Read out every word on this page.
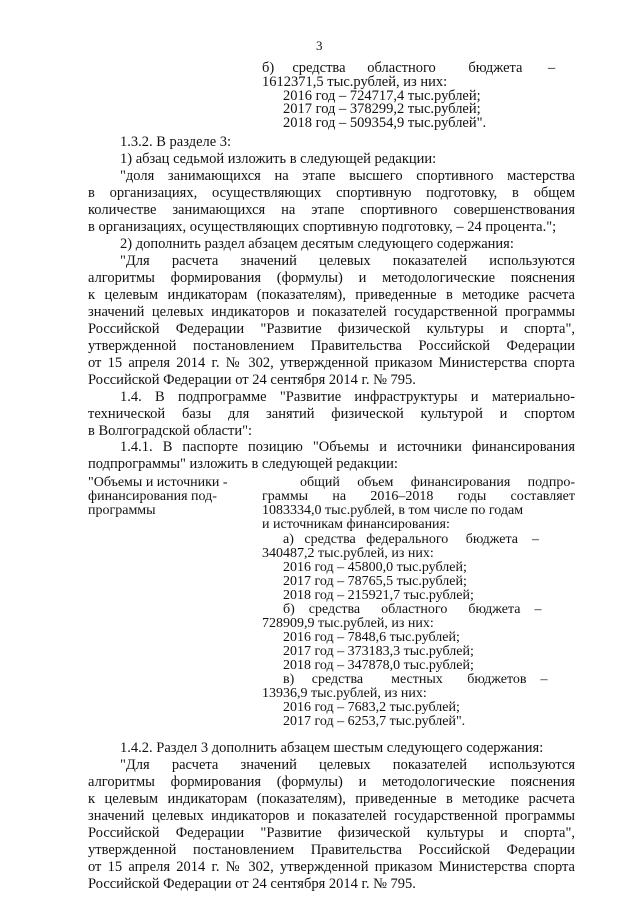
3
б)     средства      областного         бюджета       –
1612371,5 тыс.рублей, из них:
2016 год – 724717,4 тыс.рублей;
2017 год – 378299,2 тыс.рублей;
2018 год – 509354,9 тыс.рублей".
1.3.2. В разделе 3:
1) абзац седьмой изложить в следующей редакции:
"доля занимающихся на этапе высшего спортивного мастерства
в организациях, осуществляющих спортивную подготовку, в общем
количестве занимающихся на этапе спортивного совершенствования
в организациях, осуществляющих спортивную подготовку, – 24 процента.";
2) дополнить раздел абзацем десятым следующего содержания:
"Для расчета значений целевых показателей используются
алгоритмы формирования (формулы) и методологические пояснения
к целевым индикаторам (показателям), приведенные в методике расчета
значений целевых индикаторов и показателей государственной программы
Российской Федерации "Развитие физической культуры и спорта",
утвержденной постановлением Правительства Российской Федерации
от 15 апреля 2014 г. № 302, утвержденной приказом Министерства спорта
Российской Федерации от 24 сентября 2014 г. № 795.
1.4. В подпрограмме "Развитие инфраструктуры и материально-
технической базы для занятий физической культурой и спортом
в Волгоградской области":
1.4.1. В паспорте позицию "Объемы и источники финансирования
подпрограммы" изложить в следующей редакции:
"Объемы и источники -
финансирования под-
программы
общий объем финансирования подпро-
граммы на 2016–2018 годы составляет
1083334,0 тыс.рублей, в том числе по годам
и источникам финансирования:
а)   средства   федерального     бюджета    –
340487,2 тыс.рублей, из них:
2016 год – 45800,0 тыс.рублей;
2017 год – 78765,5 тыс.рублей;
2018 год – 215921,7 тыс.рублей;
б)    средства      областного      бюджета    –
728909,9 тыс.рублей, из них:
2016 год – 7848,6 тыс.рублей;
2017 год – 373183,3 тыс.рублей;
2018 год – 347878,0 тыс.рублей;
в)     средства        местных       бюджетов    –
13936,9 тыс.рублей, из них:
2016 год – 7683,2 тыс.рублей;
2017 год – 6253,7 тыс.рублей".
1.4.2. Раздел 3 дополнить абзацем шестым следующего содержания:
"Для расчета значений целевых показателей используются
алгоритмы формирования (формулы) и методологические пояснения
к целевым индикаторам (показателям), приведенные в методике расчета
значений целевых индикаторов и показателей государственной программы
Российской Федерации "Развитие физической культуры и спорта",
утвержденной постановлением Правительства Российской Федерации
от 15 апреля 2014 г. № 302, утвержденной приказом Министерства спорта
Российской Федерации от 24 сентября 2014 г. № 795.
